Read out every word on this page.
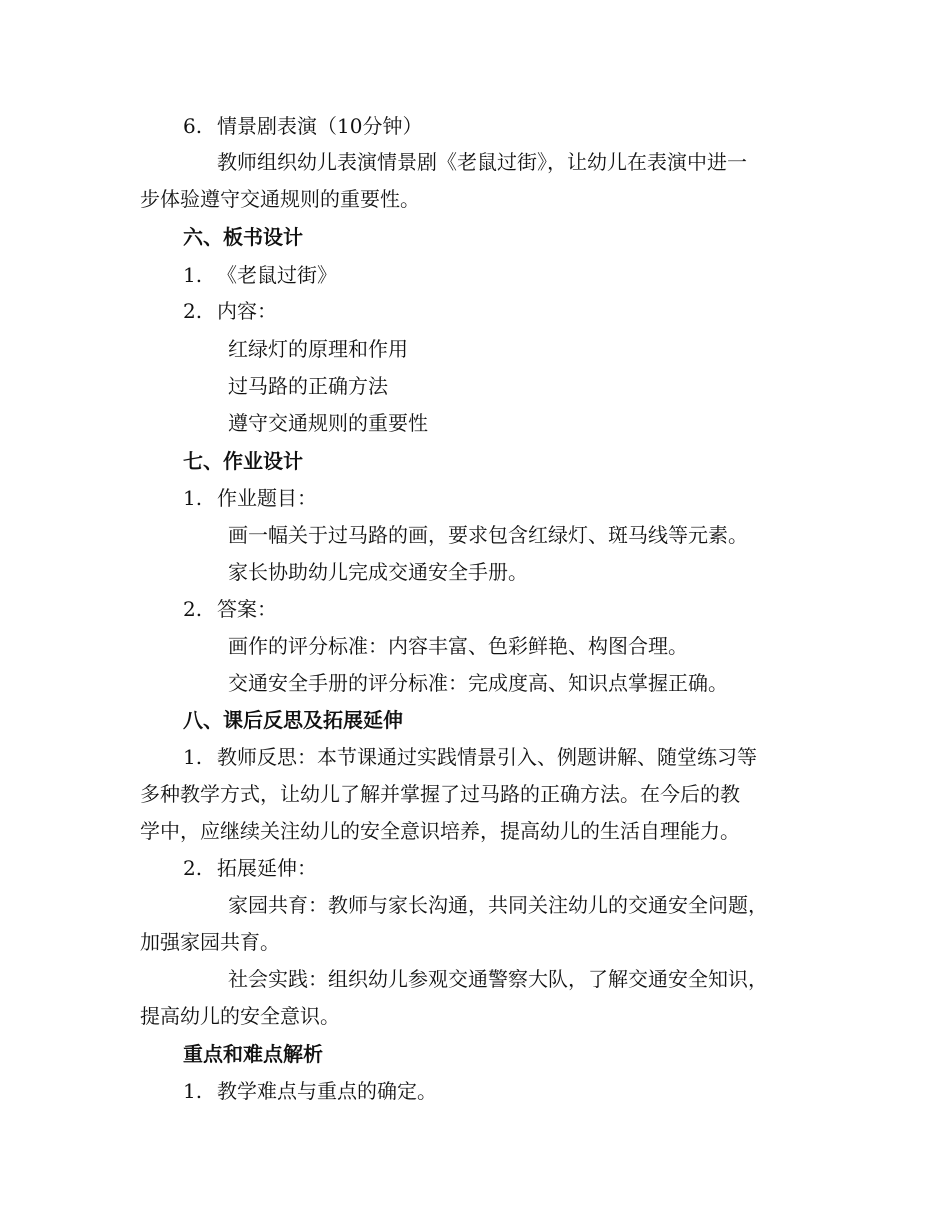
6. 情景剧表演（10分钟）
教师组织幼儿表演情景剧《老鼠过街》，让幼儿在表演中进一
步体验遵守交通规则的重要性。
六、板书设计
1. 《老鼠过街》
2. 内容：
红绿灯的原理和作用
过马路的正确方法
遵守交通规则的重要性
七、作业设计
1. 作业题目：
画一幅关于过马路的画，要求包含红绿灯、斑马线等元素。
家长协助幼儿完成交通安全手册。
2. 答案：
画作的评分标准：内容丰富、色彩鲜艳、构图合理。
交通安全手册的评分标准：完成度高、知识点掌握正确。
八、课后反思及拓展延伸
1. 教师反思：本节课通过实践情景引入、例题讲解、随堂练习等
多种教学方式，让幼儿了解并掌握了过马路的正确方法。在今后的教
学中，应继续关注幼儿的安全意识培养，提高幼儿的生活自理能力。
2. 拓展延伸：
家园共育：教师与家长沟通，共同关注幼儿的交通安全问题，
加强家园共育。
社会实践：组织幼儿参观交通警察大队，了解交通安全知识，
提高幼儿的安全意识。
重点和难点解析
1. 教学难点与重点的确定。
